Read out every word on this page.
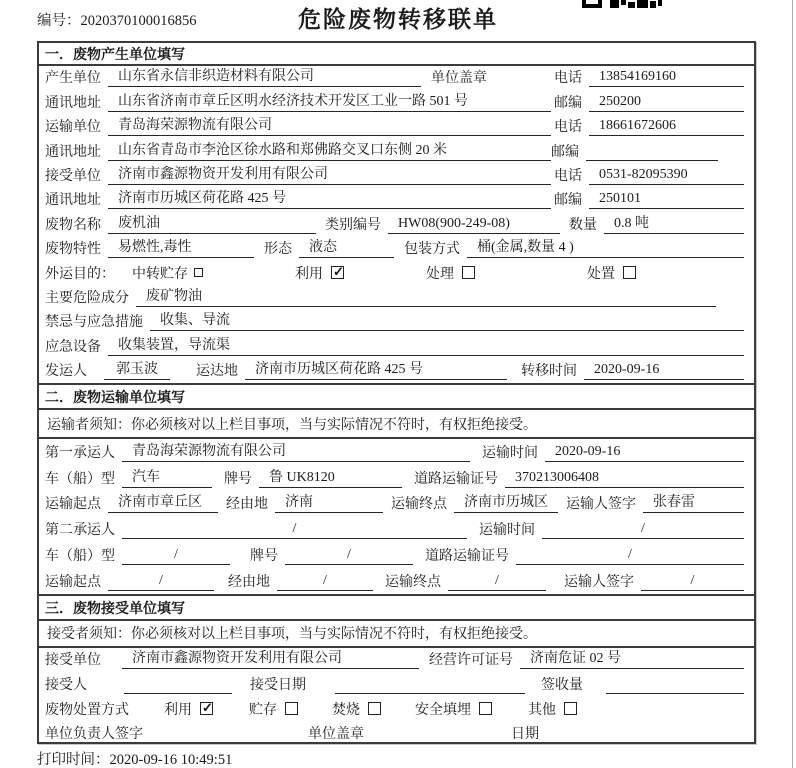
编号：2020370100016856	危险废物转移联单
一．废物产生单位填写
产生单位	山东省永信非织造材料有限公司	单位盖章	电话	13854169160
通讯地址	山东省济南市章丘区明水经济技术开发区工业一路 501 号	邮编	250200
运输单位	青岛海荣源物流有限公司	电话	18661672606
通讯地址	山东省青岛市李沧区徐水路和郑佛路交叉口东侧 20 米	邮编
接受单位	济南市鑫源物资开发利用有限公司	电话	0531-82095390
通讯地址	济南市历城区荷花路 425 号	邮编	250101
废物名称	废机油	类别编号	HW08(900-249-08)	数量	0.8 吨
废物特性	易燃性,毒性	形态	液态	包装方式	桶(金属,数量 4 )
外运目的： 中转贮存	利用 ✓	处理	处置
主要危险成分	废矿物油
禁忌与应急措施	收集、导流
应急设备	收集装置，导流渠
发运人	郭玉波	运达地	济南市历城区荷花路 425 号	转移时间	2020-09-16
二．废物运输单位填写
运输者须知：你必须核对以上栏目事项，当与实际情况不符时，有权拒绝接受。
第一承运人	青岛海荣源物流有限公司	运输时间	2020-09-16
车（船）型	汽车	牌号	鲁 UK8120	道路运输证号	370213006408
运输起点	济南市章丘区	经由地	济南	运输终点	济南市历城区	运输人签字	张春雷
第二承运人	/	运输时间	/
车（船）型	/	牌号	/	道路运输证号	/
运输起点	/	经由地	/	运输终点	/	运输人签字	/
三．废物接受单位填写
接受者须知：你必须核对以上栏目事项，当与实际情况不符时，有权拒绝接受。
接受单位	济南市鑫源物资开发利用有限公司	经营许可证号	济南危证 02 号
接受人	接受日期	签收量
废物处置方式	利用 ✓	贮存	焚烧	安全填埋	其他
单位负责人签字	单位盖章	日期
打印时间：2020-09-16 10:49:51
